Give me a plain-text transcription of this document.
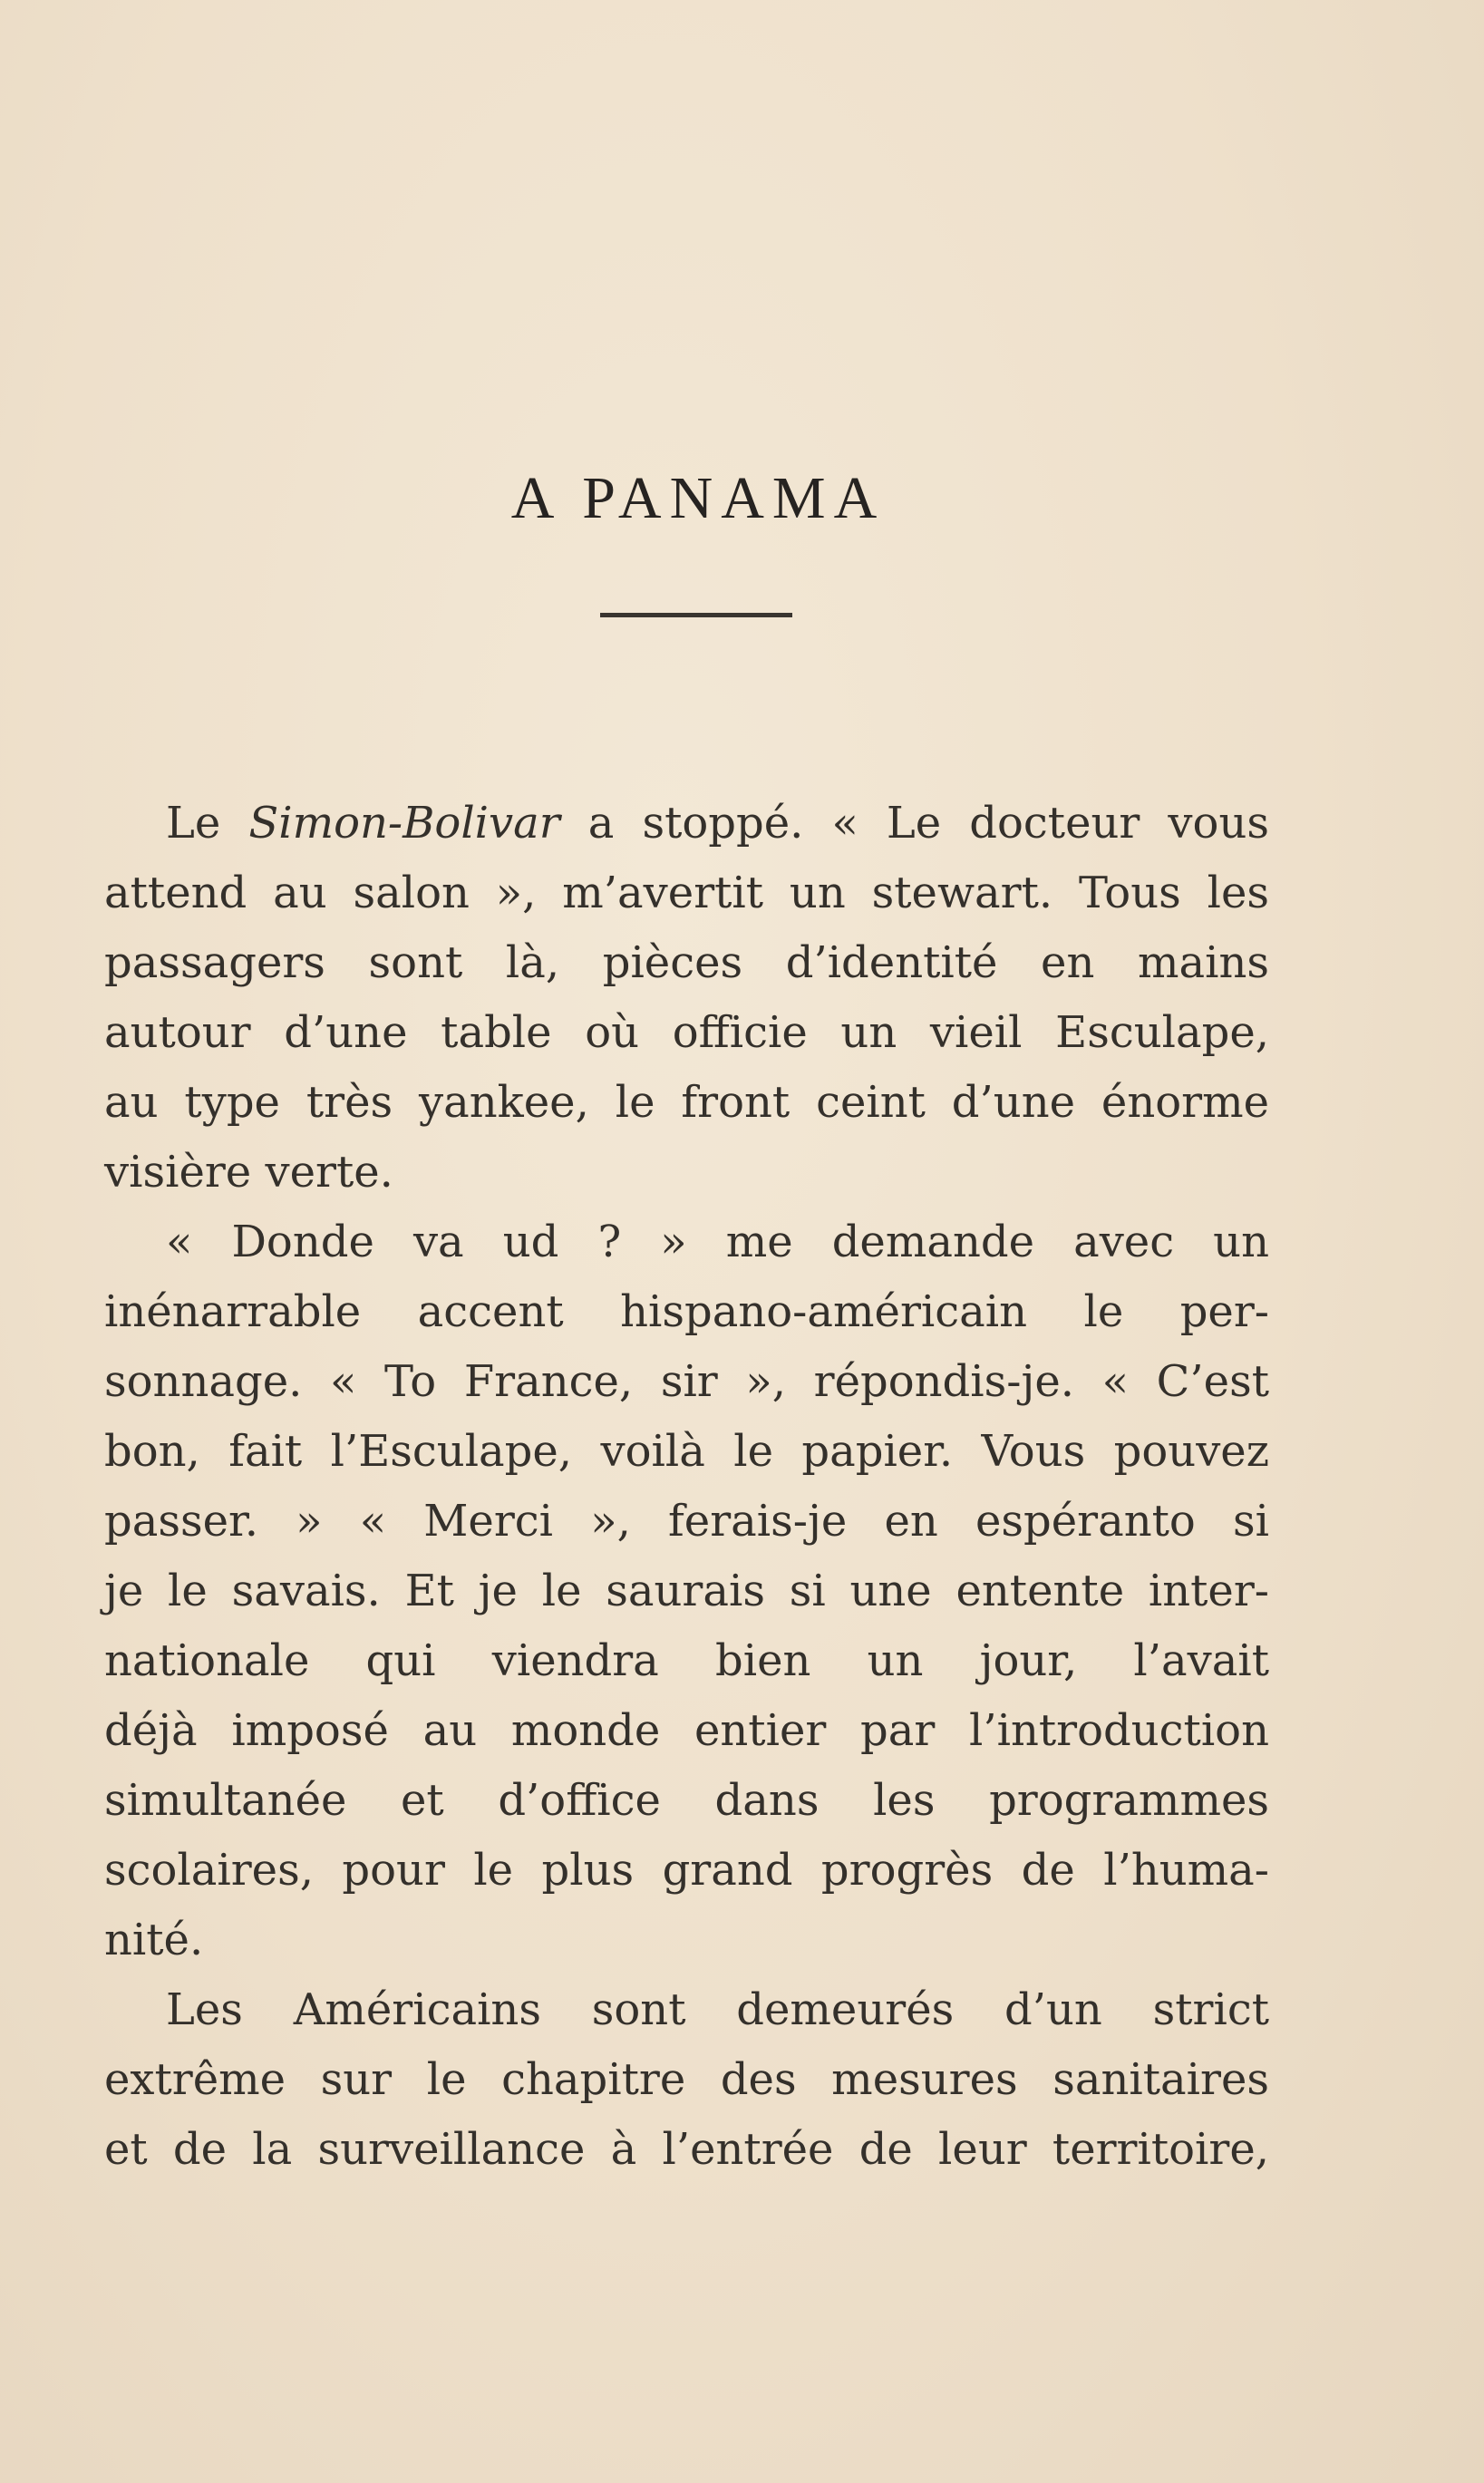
A PANAMA
Le Simon-Bolivar a stoppé. « Le docteur vous
attend au salon », m’avertit un stewart. Tous les
passagers sont là, pièces d’identité en mains
autour d’une table où officie un vieil Esculape,
au type très yankee, le front ceint d’une énorme
visière verte.
« Donde va ud ? » me demande avec un
inénarrable accent hispano-américain le per-
sonnage. « To France, sir », répondis-je. « C’est
bon, fait l’Esculape, voilà le papier. Vous pouvez
passer. » « Merci », ferais-je en espéranto si
je le savais. Et je le saurais si une entente inter-
nationale qui viendra bien un jour, l’avait
déjà imposé au monde entier par l’introduction
simultanée et d’office dans les programmes
scolaires, pour le plus grand progrès de l’huma-
nité.
Les Américains sont demeurés d’un strict
extrême sur le chapitre des mesures sanitaires
et de la surveillance à l’entrée de leur territoire,
